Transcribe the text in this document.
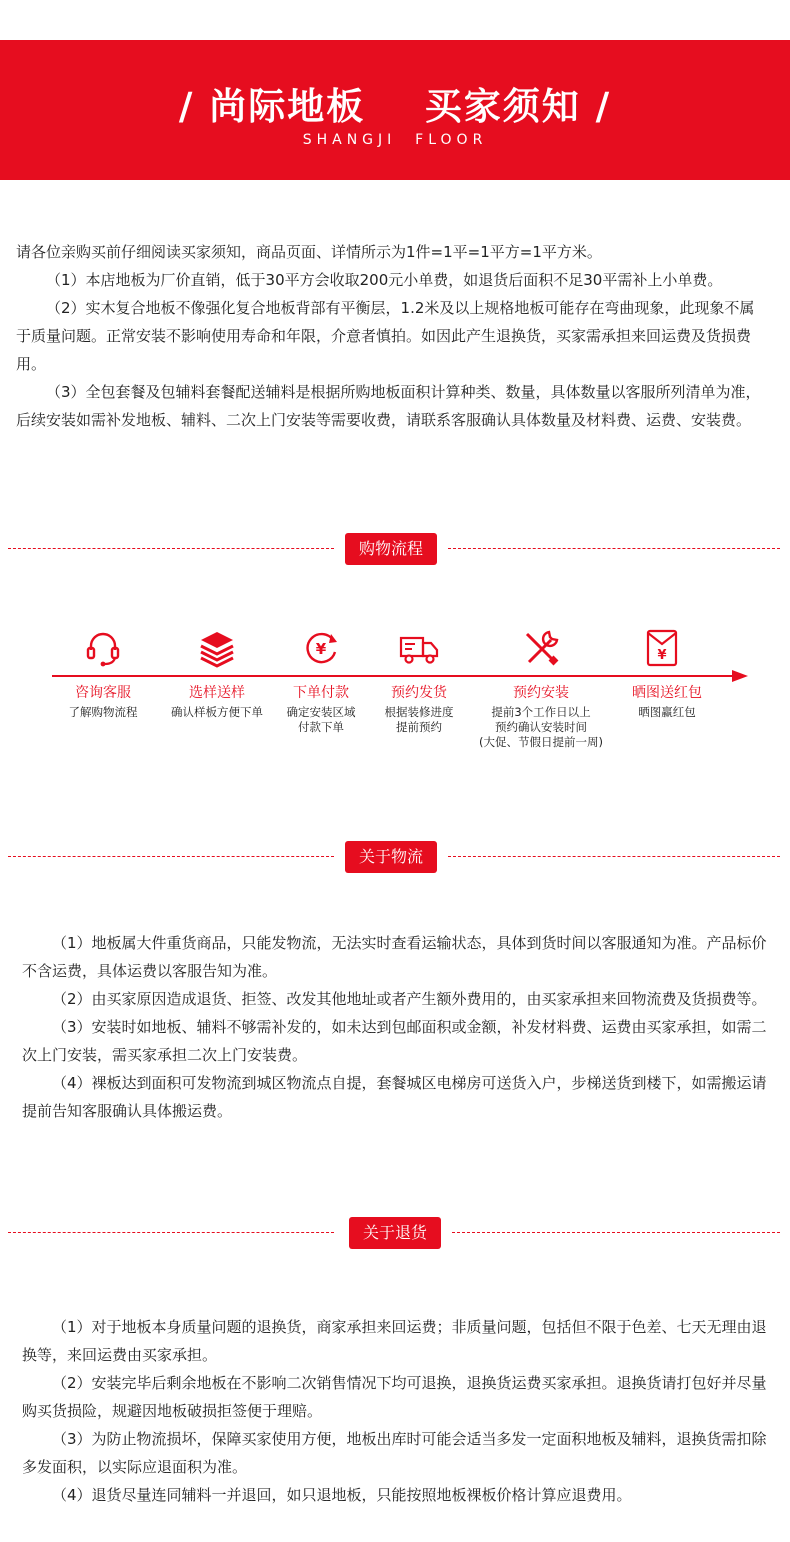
/ 尚际地板    买家须知 /
SHANGJI  FLOOR

请各位亲购买前仔细阅读买家须知，商品页面、详情所示为1件=1平=1平方=1平方米。

（1）本店地板为厂价直销，低于30平方会收取200元小单费，如退货后面积不足30平需补上小单费。

（2）实木复合地板不像强化复合地板背部有平衡层，1.2米及以上规格地板可能存在弯曲现象，此现象不属于质量问题。正常安装不影响使用寿命和年限，介意者慎拍。如因此产生退换货，买家需承担来回运费及货损费用。

（3）全包套餐及包辅料套餐配送辅料是根据所购地板面积计算种类、数量，具体数量以客服所列清单为准，后续安装如需补发地板、辅料、二次上门安装等需要收费，请联系客服确认具体数量及材料费、运费、安装费。

购物流程
咨询客服
了解购物流程
选样送样
确认样板方便下单
¥
下单付款
确定安装区域
付款下单
预约发货
根据装修进度
提前预约
预约安装
提前3个工作日以上
预约确认安装时间
(大促、节假日提前一周)
¥
晒图送红包
晒图赢红包
关于物流

（1）地板属大件重货商品，只能发物流，无法实时查看运输状态，具体到货时间以客服通知为准。产品标价不含运费，具体运费以客服告知为准。

（2）由买家原因造成退货、拒签、改发其他地址或者产生额外费用的，由买家承担来回物流费及货损费等。

（3）安装时如地板、辅料不够需补发的，如未达到包邮面积或金额，补发材料费、运费由买家承担，如需二次上门安装，需买家承担二次上门安装费。

（4）裸板达到面积可发物流到城区物流点自提，套餐城区电梯房可送货入户，步梯送货到楼下，如需搬运请提前告知客服确认具体搬运费。

关于退货

（1）对于地板本身质量问题的退换货，商家承担来回运费；非质量问题，包括但不限于色差、七天无理由退换等，来回运费由买家承担。

（2）安装完毕后剩余地板在不影响二次销售情况下均可退换，退换货运费买家承担。退换货请打包好并尽量购买货损险，规避因地板破损拒签便于理赔。

（3）为防止物流损坏，保障买家使用方便，地板出库时可能会适当多发一定面积地板及辅料，退换货需扣除多发面积，以实际应退面积为准。

（4）退货尽量连同辅料一并退回，如只退地板，只能按照地板裸板价格计算应退费用。
